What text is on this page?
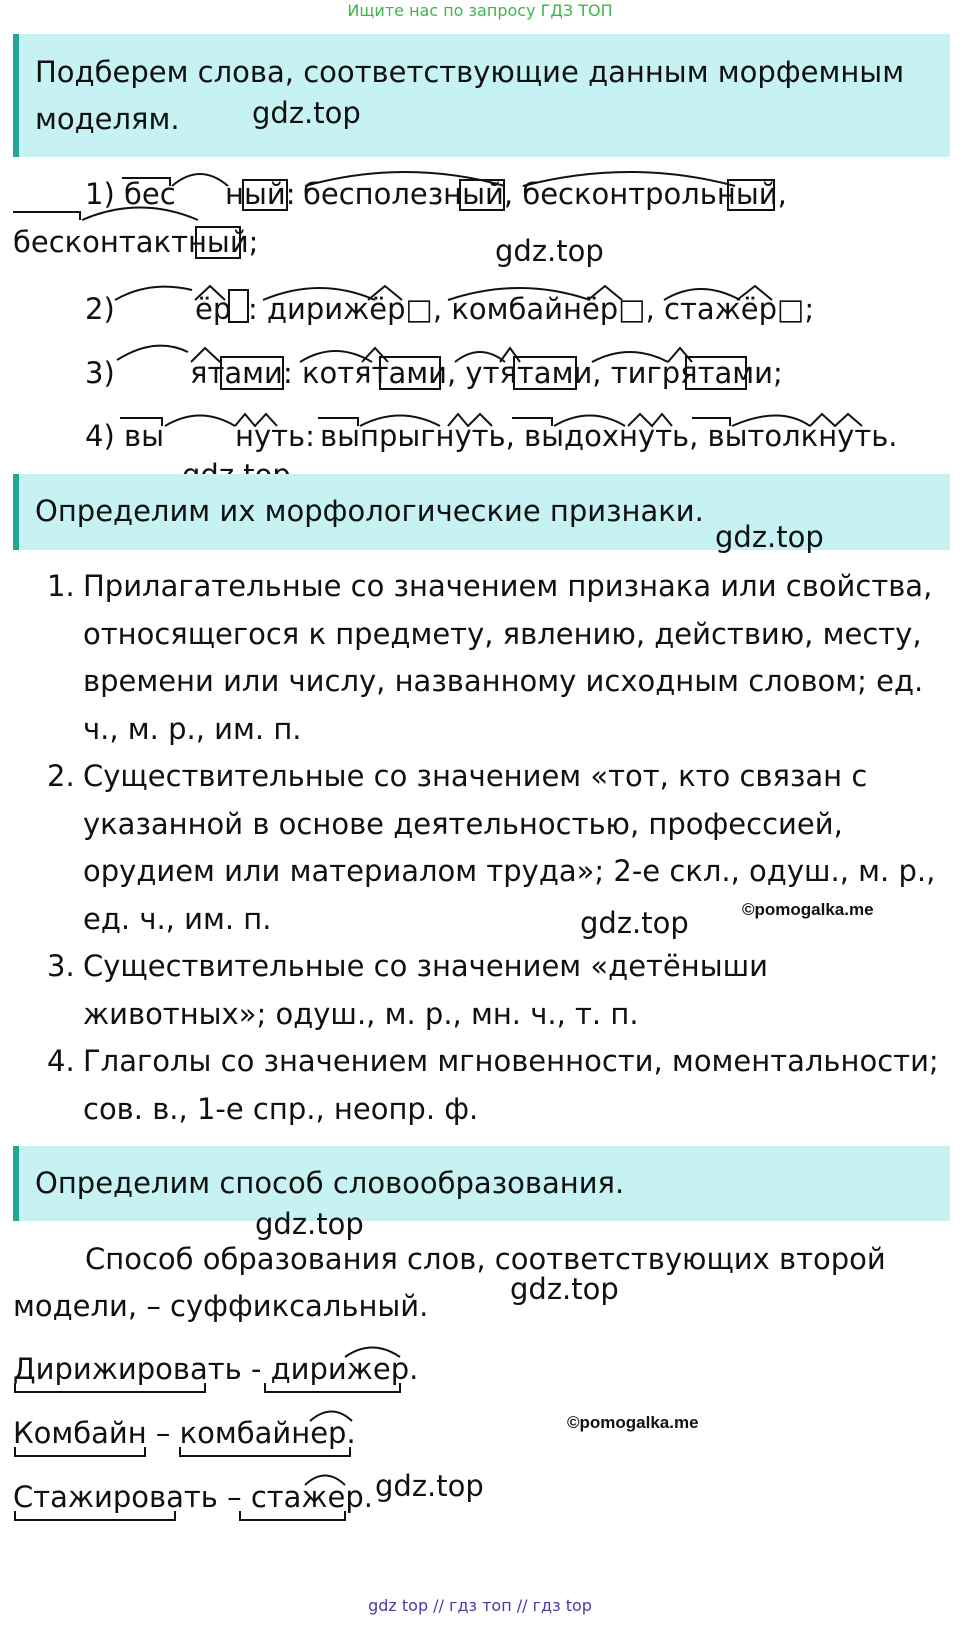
Ищите нас по запросу ГДЗ ТОП
Подберем слова, соответствующие данным морфемным
моделям. gdz.top
1) бес ный: бесполезный, бесконтрольный,
бесконтактный;	gdz.top
2)	ёр : дирижёр□, комбайнёр□, стажёр□;
3)	ятами : котятами, утятами, тигрятами;
4) вы нуть: выпрыгнуть, выдохнуть, вытолкнуть.
Определим их морфологические признаки.
gdz.top
1. Прилагательные со значением признака или свойства,
относящегося к предмету, явлению, действию, месту,
времени или числу, названному исходным словом; ед.
ч., м. р., им. п.
2. Существительные со значением «тот, кто связан с
указанной в основе деятельностью, профессией,
орудием или материалом труда»; 2-е скл., одуш., м. р.,
ед. ч., им. п.	©pomogalka.me
gdz.top
3. Существительные со значением «детёныши
животных»; одуш., м. р., мн. ч., т. п.
4. Глаголы со значением мгновенности, моментальности;
сов. в., 1-е спр., неопр. ф.
Определим способ словообразования.
gdz.top
Способ образования слов, соответствующих второй
модели, – суффиксальный.	gdz.top
Дирижировать - дирижер.
Комбайн – комбайнер.	©pomogalka.me
Стажировать – стажер. gdz.top
gdz top // гдз топ // гдз top
